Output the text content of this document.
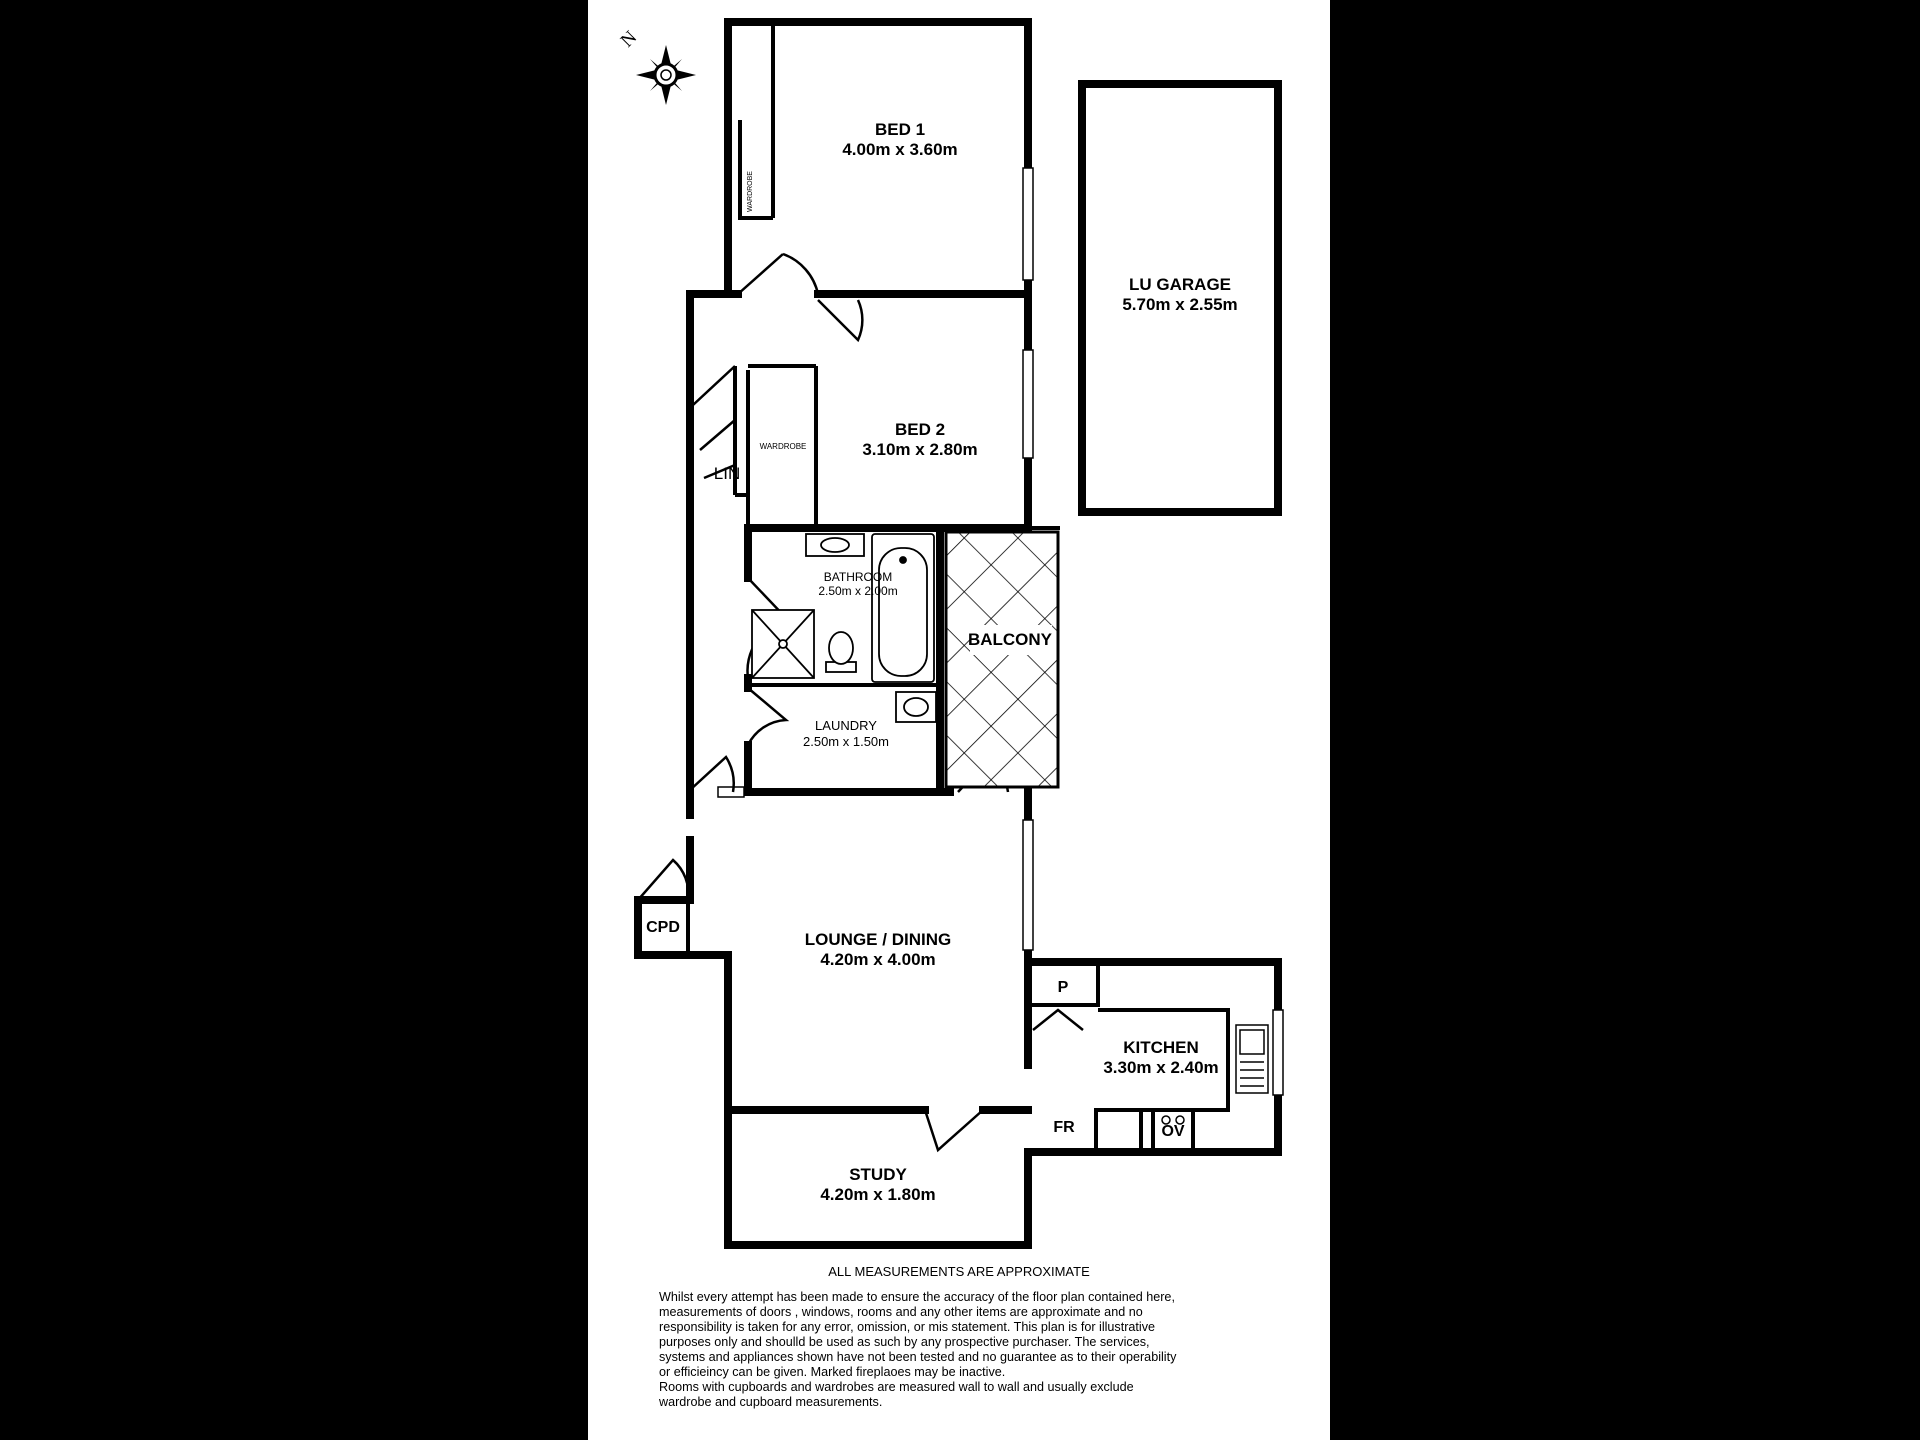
N
BED 1
4.00m x 3.60m
BED 2
3.10m x 2.80m
LU GARAGE
5.70m x 2.55m
BATHROOM
2.50m x 2.00m
LAUNDRY
2.50m x 1.50m
BALCONY
LOUNGE / DINING
4.20m x 4.00m
KITCHEN
3.30m x 2.40m
STUDY
4.20m x 1.80m
WARDROBE
WARDROBE
LIN
CPD
P
FR	OV
ALL MEASUREMENTS ARE APPROXIMATE
Whilst every attempt has been made to ensure the accuracy of the floor plan contained here,
measurements of doors , windows, rooms and any other items are approximate and no
responsibility is taken for any error, omission, or mis statement. This plan is for illustrative
purposes only and shoulld be used as such by any prospective purchaser. The services,
systems and appliances shown have not been tested and no guarantee as to their operability
or efficieincy can be given. Marked fireplaoes may be inactive.
Rooms with cupboards and wardrobes are measured wall to wall and usually exclude
wardrobe and cupboard measurements.
